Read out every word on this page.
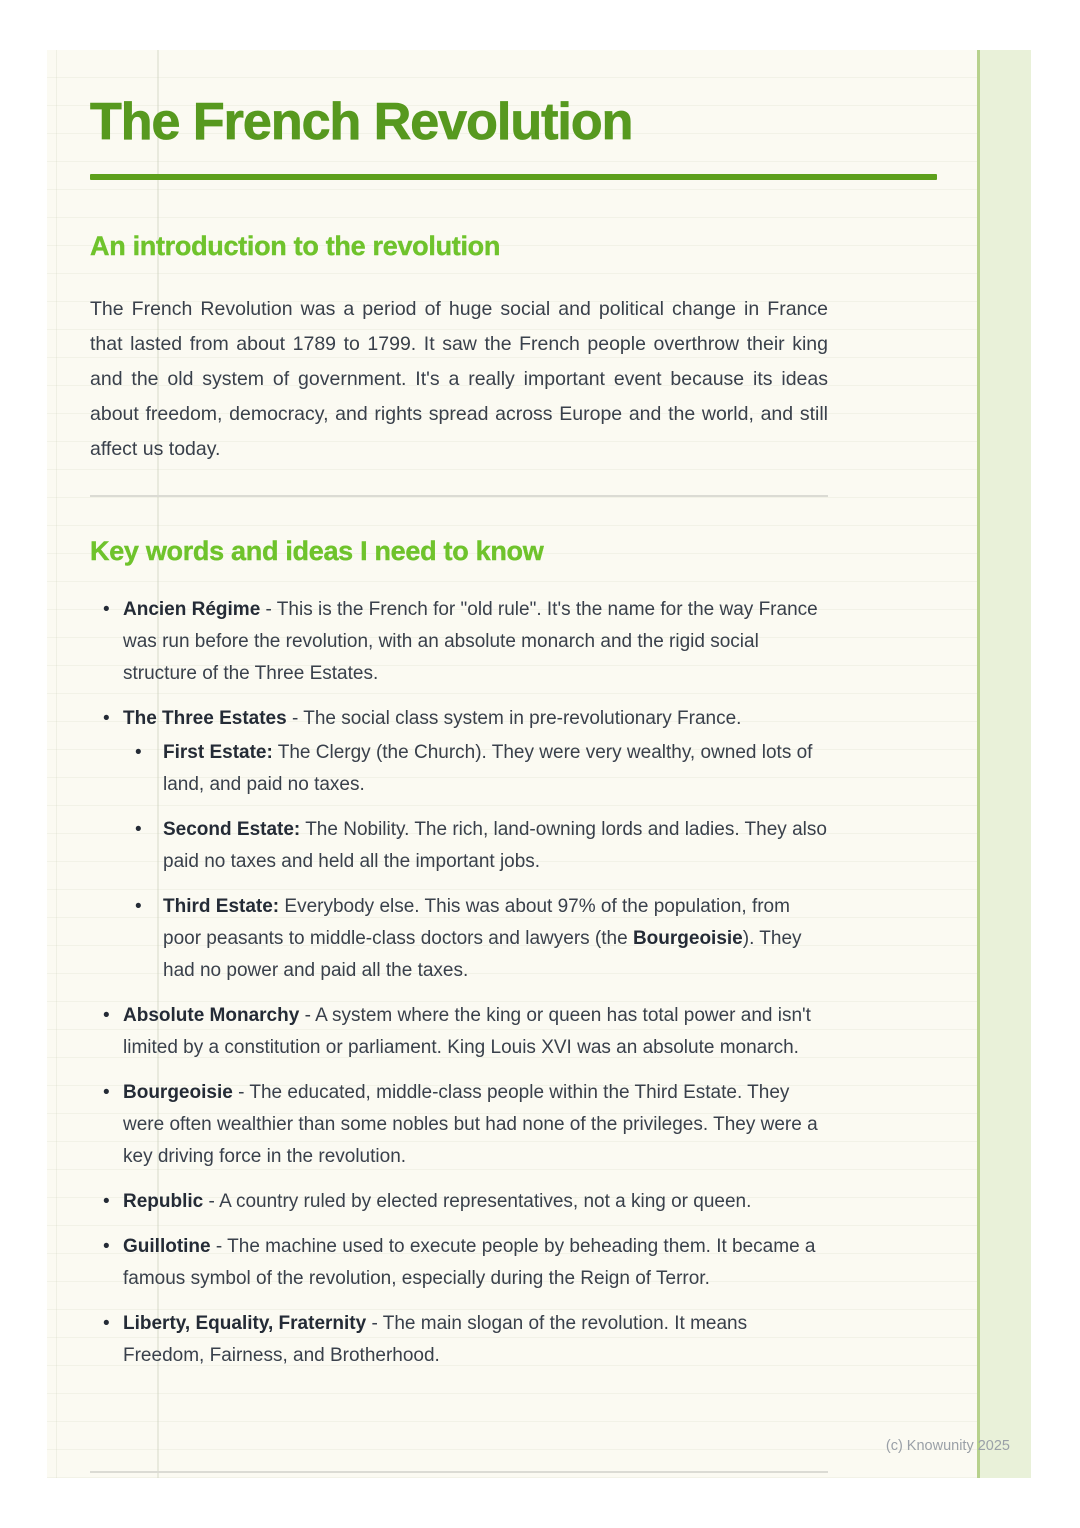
The French Revolution
An introduction to the revolution

The French Revolution was a period of huge social and political change in France that lasted from about 1789 to 1799. It saw the French people overthrow their king and the old system of government. It's a really important event because its ideas about freedom, democracy, and rights spread across Europe and the world, and still affect us today.

Key words and ideas I need to know
• Ancien Régime - This is the French for "old rule". It's the name for the way France was run before the revolution, with an absolute monarch and the rigid social structure of the Three Estates.
• The Three Estates - The social class system in pre-revolutionary France.
•	First Estate: The Clergy (the Church). They were very wealthy, owned lots of land, and paid no taxes.
•	Second Estate: The Nobility. The rich, land-owning lords and ladies. They also paid no taxes and held all the important jobs.
•	Third Estate: Everybody else. This was about 97% of the population, from poor peasants to middle-class doctors and lawyers (the Bourgeoisie). They had no power and paid all the taxes.
• Absolute Monarchy - A system where the king or queen has total power and isn't limited by a constitution or parliament. King Louis XVI was an absolute monarch.
• Bourgeoisie - The educated, middle-class people within the Third Estate. They were often wealthier than some nobles but had none of the privileges. They were a key driving force in the revolution.
• Republic - A country ruled by elected representatives, not a king or queen.
• Guillotine - The machine used to execute people by beheading them. It became a famous symbol of the revolution, especially during the Reign of Terror.
• Liberty, Equality, Fraternity - The main slogan of the revolution. It means Freedom, Fairness, and Brotherhood.
(c) Knowunity 2025
